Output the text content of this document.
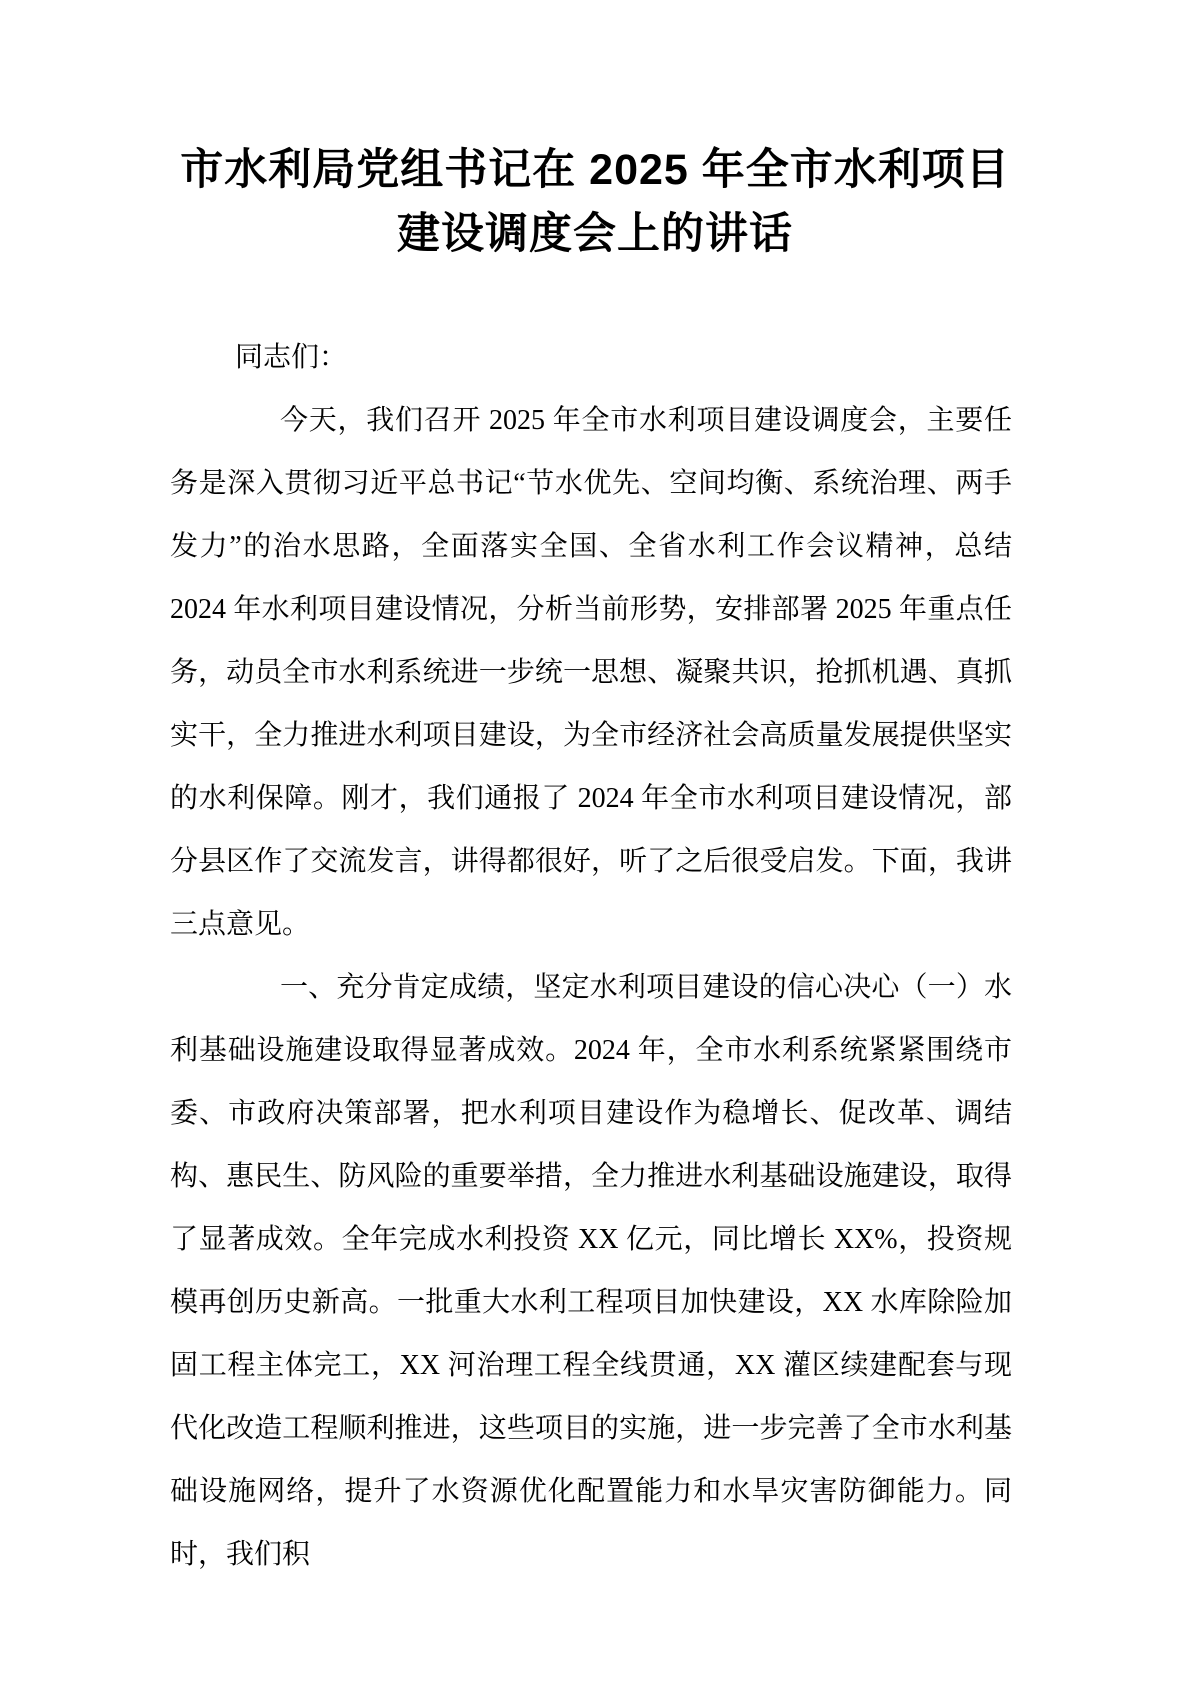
市水利局党组书记在 2025 年全市水利项目
建设调度会上的讲话

同志们：

今天，我们召开 2025 年全市水利项目建设调度会，主要任务是深入贯彻习近平总书记“节水优先、空间均衡、系统治理、两手发力”的治水思路，全面落实全国、全省水利工作会议精神，总结 2024 年水利项目建设情况，分析当前形势，安排部署 2025 年重点任务，动员全市水利系统进一步统一思想、凝聚共识，抢抓机遇、真抓实干，全力推进水利项目建设，为全市经济社会高质量发展提供坚实的水利保障。刚才，我们通报了 2024 年全市水利项目建设情况，部分县区作了交流发言，讲得都很好，听了之后很受启发。下面，我讲三点意见。

一、充分肯定成绩，坚定水利项目建设的信心决心（一）水利基础设施建设取得显著成效。2024 年，全市水利系统紧紧围绕市委、市政府决策部署，把水利项目建设作为稳增长、促改革、调结构、惠民生、防风险的重要举措，全力推进水利基础设施建设，取得了显著成效。全年完成水利投资 XX 亿元，同比增长 XX%，投资规模再创历史新高。一批重大水利工程项目加快建设，XX 水库除险加固工程主体完工，XX 河治理工程全线贯通，XX 灌区续建配套与现代化改造工程顺利推进，这些项目的实施，进一步完善了全市水利基础设施网络，提升了水资源优化配置能力和水旱灾害防御能力。同时，我们积
